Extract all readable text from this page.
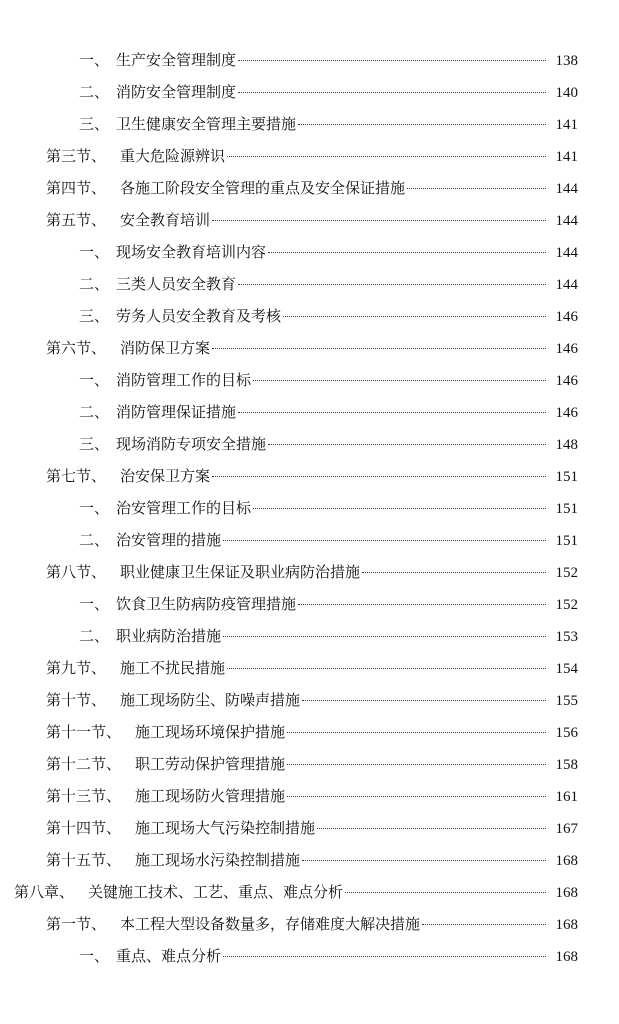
一、 生产安全管理制度	138
二、 消防安全管理制度	140
三、 卫生健康安全管理主要措施	141
第三节、 重大危险源辨识	141
第四节、 各施工阶段安全管理的重点及安全保证措施	144
第五节、 安全教育培训	144
一、 现场安全教育培训内容	144
二、 三类人员安全教育	144
三、 劳务人员安全教育及考核	146
第六节、 消防保卫方案	146
一、 消防管理工作的目标	146
二、 消防管理保证措施	146
三、 现场消防专项安全措施	148
第七节、 治安保卫方案	151
一、 治安管理工作的目标	151
二、 治安管理的措施	151
第八节、 职业健康卫生保证及职业病防治措施	152
一、 饮食卫生防病防疫管理措施	152
二、 职业病防治措施	153
第九节、 施工不扰民措施	154
第十节、 施工现场防尘、防噪声措施	155
第十一节、 施工现场环境保护措施	156
第十二节、 职工劳动保护管理措施	158
第十三节、 施工现场防火管理措施	161
第十四节、 施工现场大气污染控制措施	167
第十五节、 施工现场水污染控制措施	168
第八章、 关键施工技术、工艺、重点、难点分析	168
第一节、 本工程大型设备数量多，存储难度大解决措施	168
一、 重点、难点分析	168
